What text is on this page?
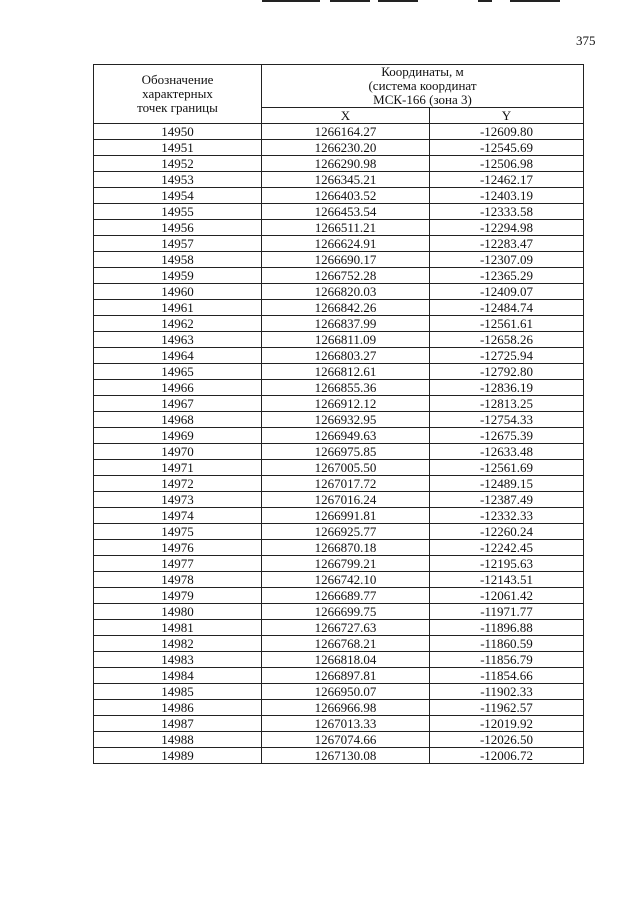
375
Обозначение
характерных
точек границы	Координаты, м
(система координат
МСК-166 (зона 3)	

	X	Y
14950	1266164.27	-12609.80
14951	1266230.20	-12545.69
14952	1266290.98	-12506.98
14953	1266345.21	-12462.17
14954	1266403.52	-12403.19
14955	1266453.54	-12333.58
14956	1266511.21	-12294.98
14957	1266624.91	-12283.47
14958	1266690.17	-12307.09
14959	1266752.28	-12365.29
14960	1266820.03	-12409.07
14961	1266842.26	-12484.74
14962	1266837.99	-12561.61
14963	1266811.09	-12658.26
14964	1266803.27	-12725.94
14965	1266812.61	-12792.80
14966	1266855.36	-12836.19
14967	1266912.12	-12813.25
14968	1266932.95	-12754.33
14969	1266949.63	-12675.39
14970	1266975.85	-12633.48
14971	1267005.50	-12561.69
14972	1267017.72	-12489.15
14973	1267016.24	-12387.49
14974	1266991.81	-12332.33
14975	1266925.77	-12260.24
14976	1266870.18	-12242.45
14977	1266799.21	-12195.63
14978	1266742.10	-12143.51
14979	1266689.77	-12061.42
14980	1266699.75	-11971.77
14981	1266727.63	-11896.88
14982	1266768.21	-11860.59
14983	1266818.04	-11856.79
14984	1266897.81	-11854.66
14985	1266950.07	-11902.33
14986	1266966.98	-11962.57
14987	1267013.33	-12019.92
14988	1267074.66	-12026.50
14989	1267130.08	-12006.72
